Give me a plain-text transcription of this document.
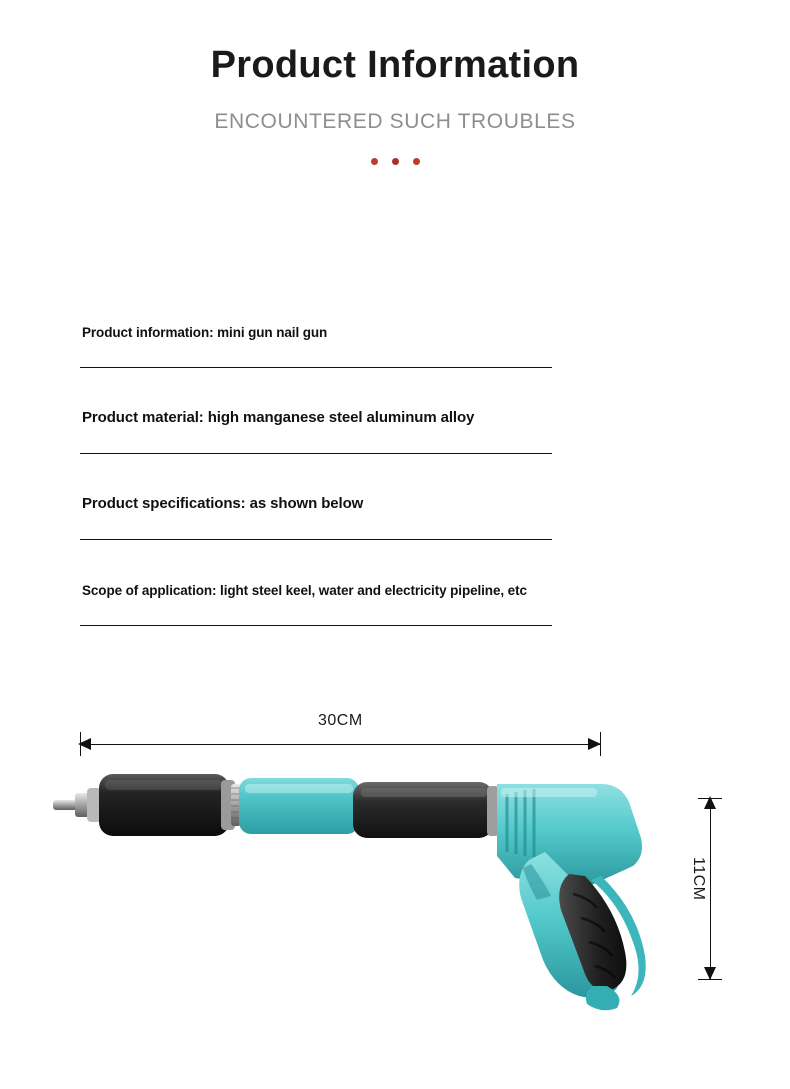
Product Information
ENCOUNTERED SUCH TROUBLES
Product information: mini gun nail gun
Product material: high manganese steel aluminum alloy
Product specifications: as shown below
Scope of application: light steel keel, water and electricity pipeline, etc
30CM
11CM
